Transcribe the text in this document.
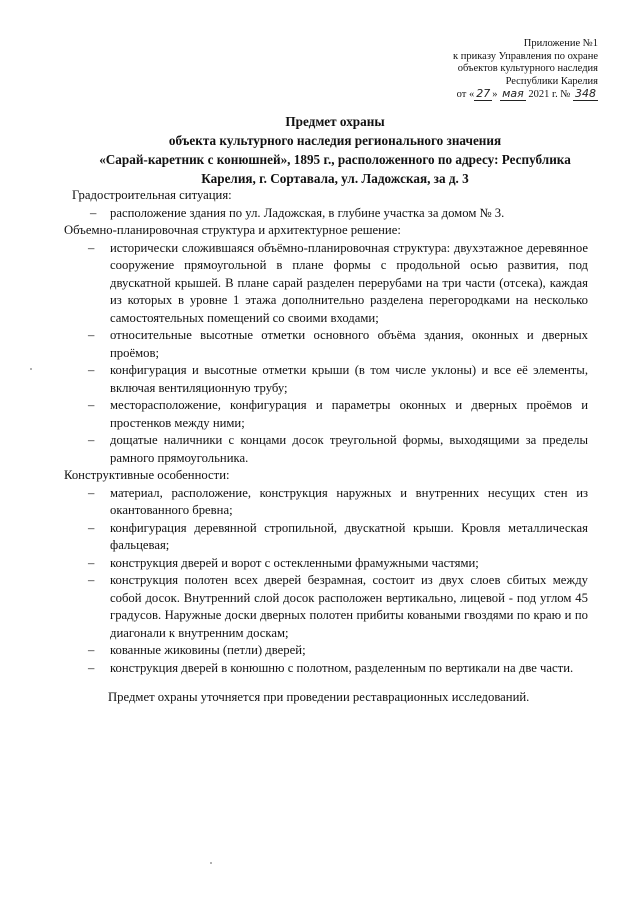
Приложение №1
к приказу Управления по охране
объектов культурного наследия
Республики Карелия
от « 27 » мая 2021 г. № 348
Предмет охраны
объекта культурного наследия регионального значения
«Сарай-каретник с конюшней», 1895 г., расположенного по адресу: Республика
Карелия, г. Сортавала, ул. Ладожская, за д. 3

Градостроительная ситуация:

– расположение здания по ул. Ладожская, в глубине участка за домом № 3.

Объемно-планировочная структура и архитектурное решение:

– исторически сложившаяся объёмно-планировочная структура: двухэтажное деревянное сооружение прямоугольной в плане формы с продольной осью развития, под двускатной крышей. В плане сарай разделен перерубами на три части (отсека), каждая из которых в уровне 1 этажа дополнительно разделена перегородками на несколько самостоятельных помещений со своими входами;
– относительные высотные отметки основного объёма здания, оконных и дверных проёмов;
– конфигурация и высотные отметки крыши (в том числе уклоны) и все её элементы, включая вентиляционную трубу;
– месторасположение, конфигурация и параметры оконных и дверных проёмов и простенков между ними;
– дощатые наличники с концами досок треугольной формы, выходящими за пределы рамного прямоугольника.

Конструктивные особенности:

– материал, расположение, конструкция наружных и внутренних несущих стен из окантованного бревна;
– конфигурация деревянной стропильной, двускатной крыши. Кровля металлическая фальцевая;
– конструкция дверей и ворот с остекленными фрамужными частями;
– конструкция полотен всех дверей безрамная, состоит из двух слоев сбитых между собой досок. Внутренний слой досок расположен вертикально, лицевой - под углом 45 градусов. Наружные доски дверных полотен прибиты коваными гвоздями по краю и по диагонали к внутренним доскам;
– кованные жиковины (петли) дверей;
– конструкция дверей в конюшню с полотном, разделенным по вертикали на две части.
Предмет охраны уточняется при проведении реставрационных исследований.
